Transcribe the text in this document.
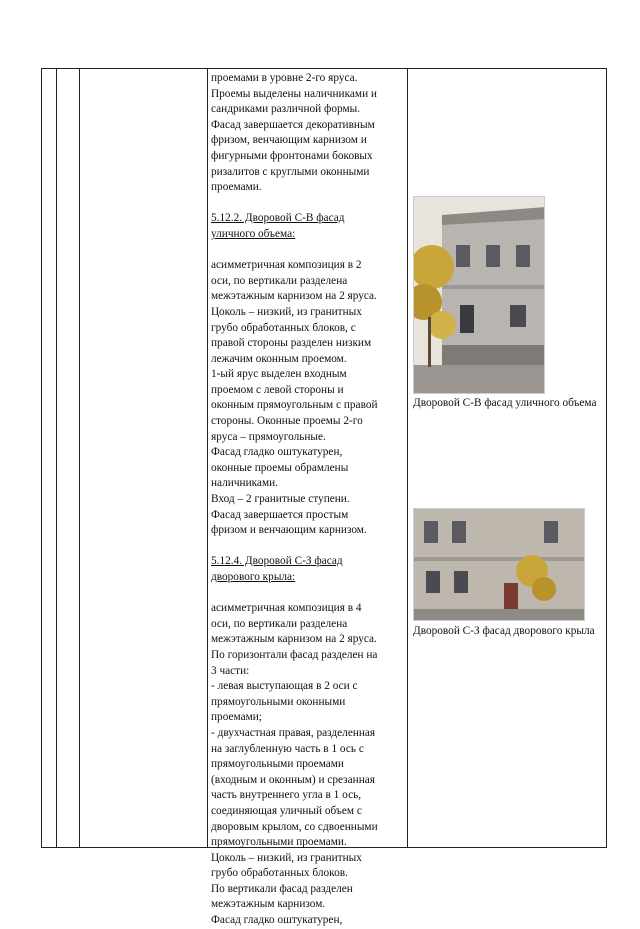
проемами в уровне 2-го яруса.

Проемы выделены наличниками и

сандриками различной формы.

Фасад завершается декоративным

фризом, венчающим карнизом и

фигурными фронтонами боковых

ризалитов с круглыми оконными

проемами.

5.12.2. Дворовой С-В фасад

уличного объема:

асимметричная композиция в 2

оси, по вертикали разделена

межэтажным карнизом на 2 яруса.

Цоколь – низкий, из гранитных

грубо обработанных блоков, с

правой стороны разделен низким

лежачим оконным проемом.

1-ый ярус выделен входным

проемом с левой стороны и

оконным прямоугольным с правой

стороны. Оконные проемы 2-го

яруса – прямоугольные.

Фасад гладко оштукатурен,

оконные проемы обрамлены

наличниками.

Вход – 2 гранитные ступени.

Фасад завершается простым

фризом и венчающим карнизом.

5.12.4. Дворовой С-З фасад

дворового крыла:

асимметричная композиция в 4

оси, по вертикали разделена

межэтажным карнизом на 2 яруса.

По горизонтали фасад разделен на

3 части:

- левая выступающая в 2 оси с

прямоугольными оконными

проемами;

- двухчастная правая, разделенная

на заглубленную часть в 1 ось с

прямоугольными проемами

(входным и оконным) и срезанная

часть внутреннего угла в 1 ось,

соединяющая уличный объем с

дворовым крылом, со сдвоенными

прямоугольными проемами.

Цоколь – низкий, из гранитных

грубо обработанных блоков.

По вертикали фасад разделен

межэтажным карнизом.

Фасад гладко оштукатурен,

Дворовой С-В фасад уличного объема
Дворовой С-З фасад дворового крыла
